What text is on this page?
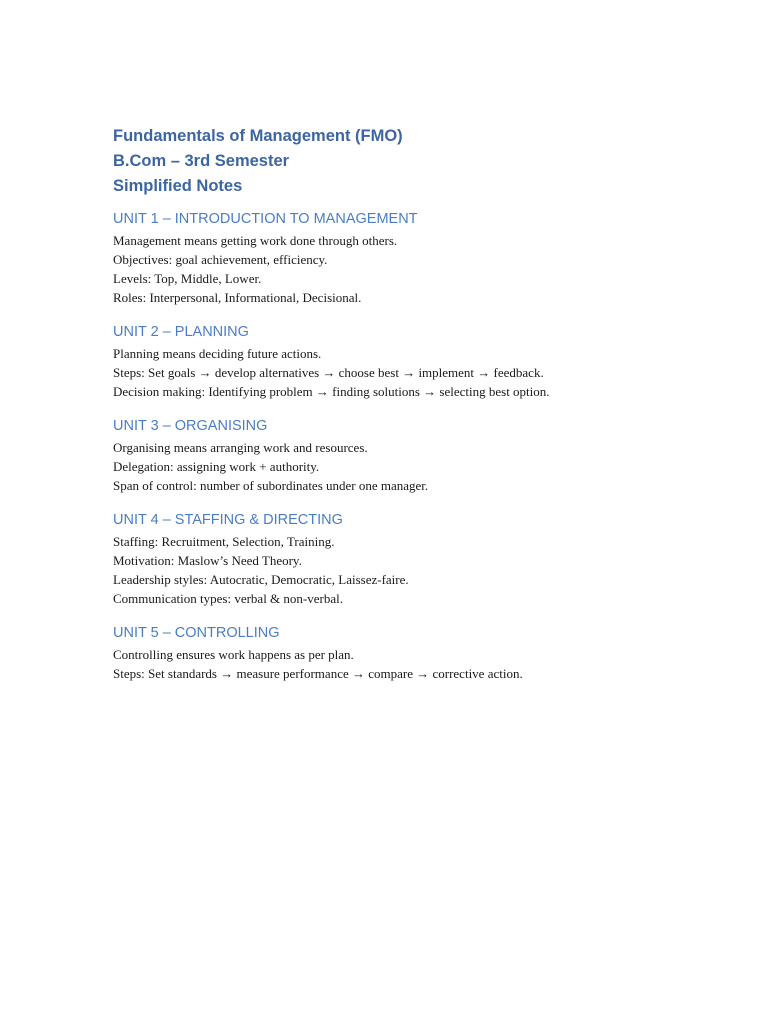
Fundamentals of Management (FMO)
B.Com – 3rd Semester
Simplified Notes
UNIT 1 – INTRODUCTION TO MANAGEMENT
Management means getting work done through others.
Objectives: goal achievement, efficiency.
Levels: Top, Middle, Lower.
Roles: Interpersonal, Informational, Decisional.
UNIT 2 – PLANNING
Planning means deciding future actions.
Steps: Set goals → develop alternatives → choose best → implement → feedback.
Decision making: Identifying problem → finding solutions → selecting best option.
UNIT 3 – ORGANISING
Organising means arranging work and resources.
Delegation: assigning work + authority.
Span of control: number of subordinates under one manager.
UNIT 4 – STAFFING & DIRECTING
Staffing: Recruitment, Selection, Training.
Motivation: Maslow’s Need Theory.
Leadership styles: Autocratic, Democratic, Laissez-faire.
Communication types: verbal & non-verbal.
UNIT 5 – CONTROLLING
Controlling ensures work happens as per plan.
Steps: Set standards → measure performance → compare → corrective action.
